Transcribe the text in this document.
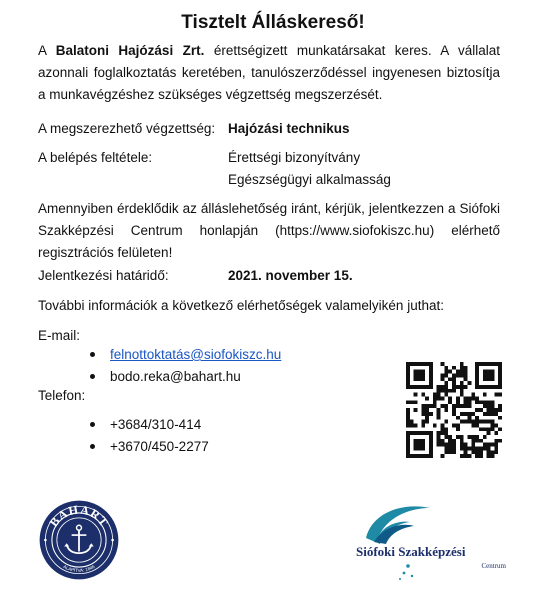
Tisztelt Álláskereső!

A Balatoni Hajózási Zrt. érettségizett munkatársakat keres. A vállalat azonnali foglalkoztatás keretében, tanulószerződéssel ingyenesen biztosítja a munkavégzéshez szükséges végzettség megszerzését.

A megszerezhető végzettség: Hajózási technikus
A belépés feltétele:	Érettségi bizonyítvány
Egészségügyi alkalmasság

Amennyiben érdeklődik az álláslehetőség iránt, kérjük, jelentkezzen a Siófoki Szakképzési Centrum honlapján (https://www.siofokiszc.hu) elérhető regisztrációs felületen!

Jelentkezési határidő:	2021. november 15.
További információk a következő elérhetőségek valamelyikén juthat:
E-mail:
felnottoktatás@siofokiszc.hu
bodo.reka@bahart.hu
Telefon:
+3684/310-414
+3670/450-2277
BAHART
ALAPÍTVA: 1846
Siófoki Szakképzési
Centrum
